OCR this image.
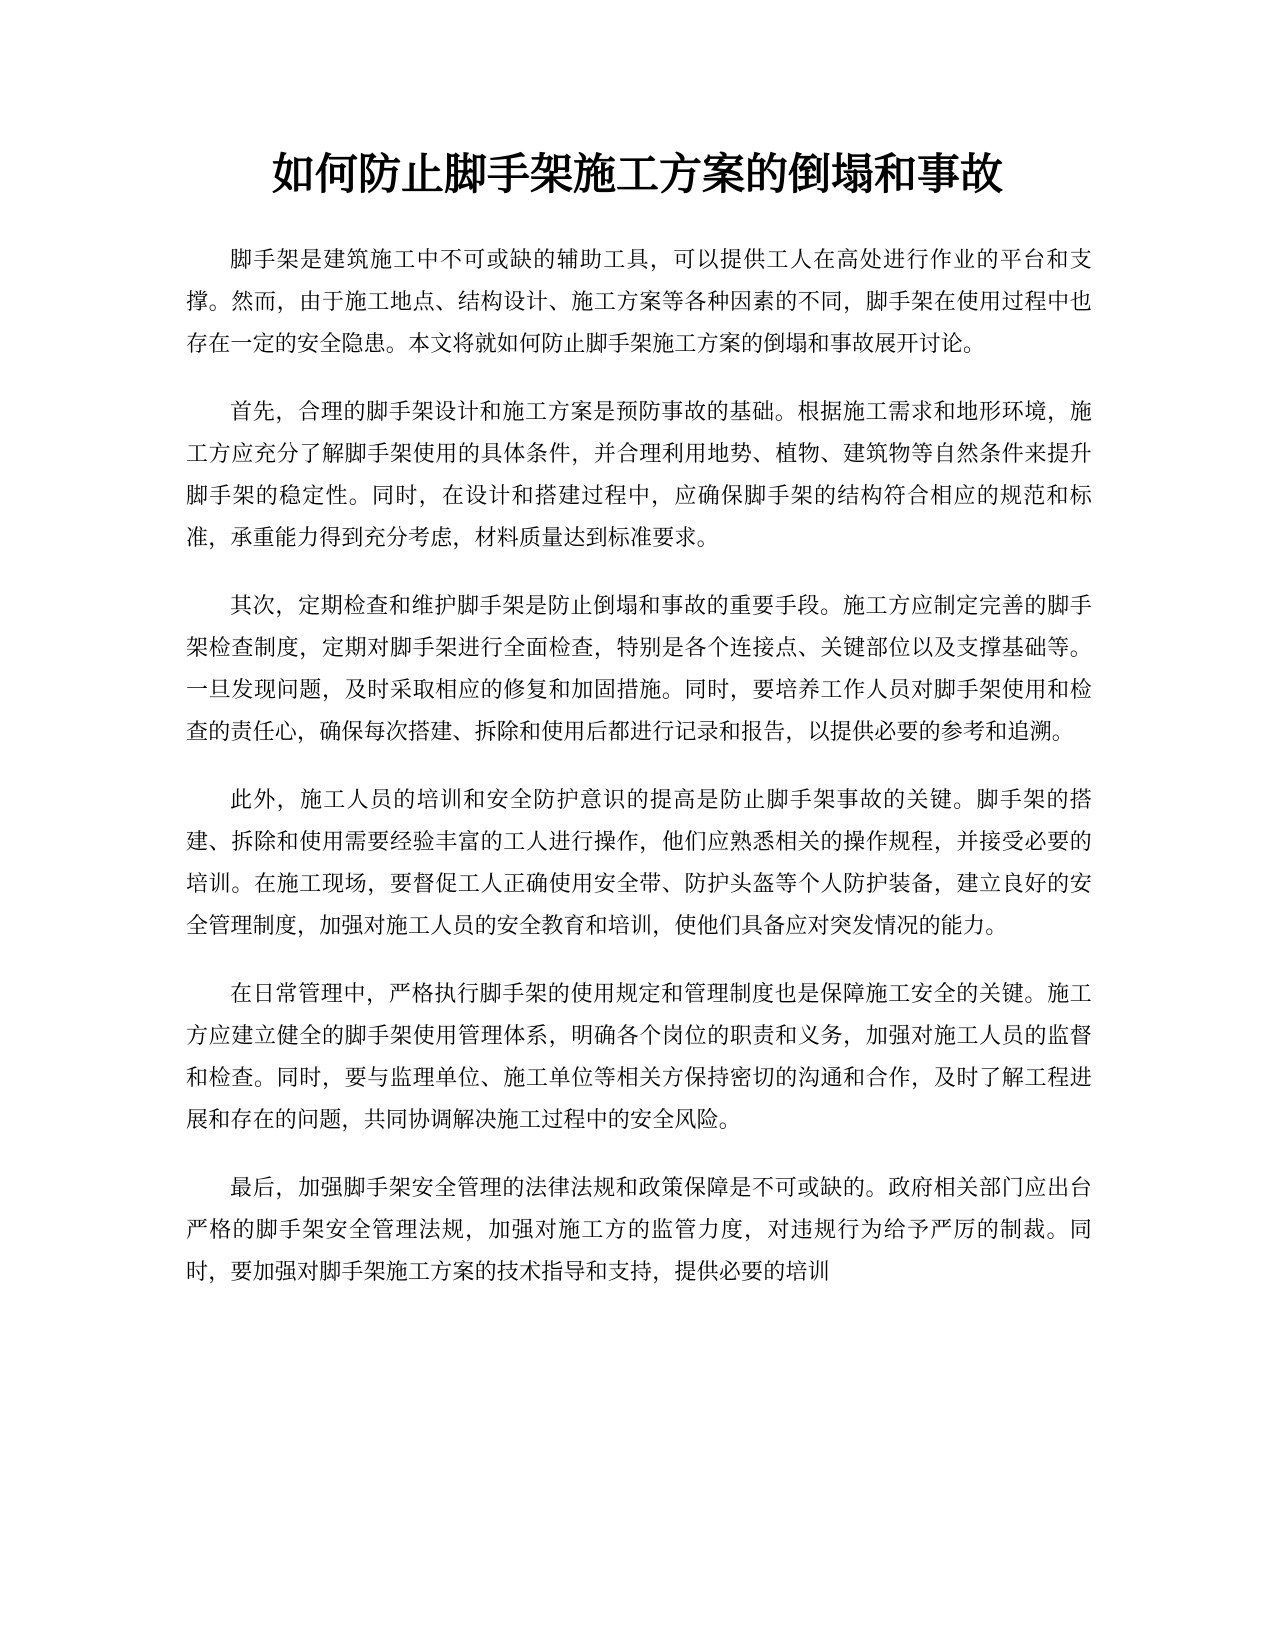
如何防止脚手架施工方案的倒塌和事故

脚手架是建筑施工中不可或缺的辅助工具，可以提供工人在高处进行作业的平台和支撑。然而，由于施工地点、结构设计、施工方案等各种因素的不同，脚手架在使用过程中也存在一定的安全隐患。本文将就如何防止脚手架施工方案的倒塌和事故展开讨论。

首先，合理的脚手架设计和施工方案是预防事故的基础。根据施工需求和地形环境，施工方应充分了解脚手架使用的具体条件，并合理利用地势、植物、建筑物等自然条件来提升脚手架的稳定性。同时，在设计和搭建过程中，应确保脚手架的结构符合相应的规范和标准，承重能力得到充分考虑，材料质量达到标准要求。

其次，定期检查和维护脚手架是防止倒塌和事故的重要手段。施工方应制定完善的脚手架检查制度，定期对脚手架进行全面检查，特别是各个连接点、关键部位以及支撑基础等。一旦发现问题，及时采取相应的修复和加固措施。同时，要培养工作人员对脚手架使用和检查的责任心，确保每次搭建、拆除和使用后都进行记录和报告，以提供必要的参考和追溯。

此外，施工人员的培训和安全防护意识的提高是防止脚手架事故的关键。脚手架的搭建、拆除和使用需要经验丰富的工人进行操作，他们应熟悉相关的操作规程，并接受必要的培训。在施工现场，要督促工人正确使用安全带、防护头盔等个人防护装备，建立良好的安全管理制度，加强对施工人员的安全教育和培训，使他们具备应对突发情况的能力。

在日常管理中，严格执行脚手架的使用规定和管理制度也是保障施工安全的关键。施工方应建立健全的脚手架使用管理体系，明确各个岗位的职责和义务，加强对施工人员的监督和检查。同时，要与监理单位、施工单位等相关方保持密切的沟通和合作，及时了解工程进展和存在的问题，共同协调解决施工过程中的安全风险。

最后，加强脚手架安全管理的法律法规和政策保障是不可或缺的。政府相关部门应出台严格的脚手架安全管理法规，加强对施工方的监管力度，对违规行为给予严厉的制裁。同时，要加强对脚手架施工方案的技术指导和支持，提供必要的培训
